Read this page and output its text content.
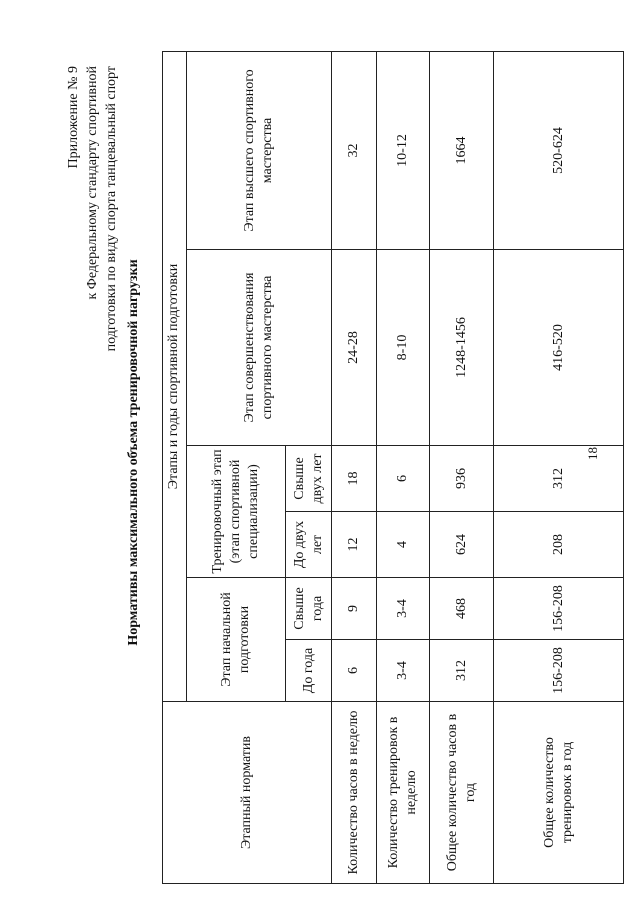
18
Приложение № 9 к Федеральному стандарту спортивной подготовки по виду спорта танцевальный спорт
Нормативы максимального объема тренировочной нагрузки
Этапный норматив	Этапы и годы спортивной подготовки					
	Этап начальной подготовки		Тренировочный этап (этап спортивной специализации)		Этап совершенствования спортивного мастерства	Этап высшего спортивного мастерства
	До года	Свыше года	До двух лет	Свыше двух лет		
Количество часов в неделю	6	9	12	18	24-28	32
Количество тренировок в неделю	3-4	3-4	4	6	8-10	10-12
Общее количество часов в год	312	468	624	936	1248-1456	1664
Общее количество тренировок в год	156-208	156-208	208	312	416-520	520-624
